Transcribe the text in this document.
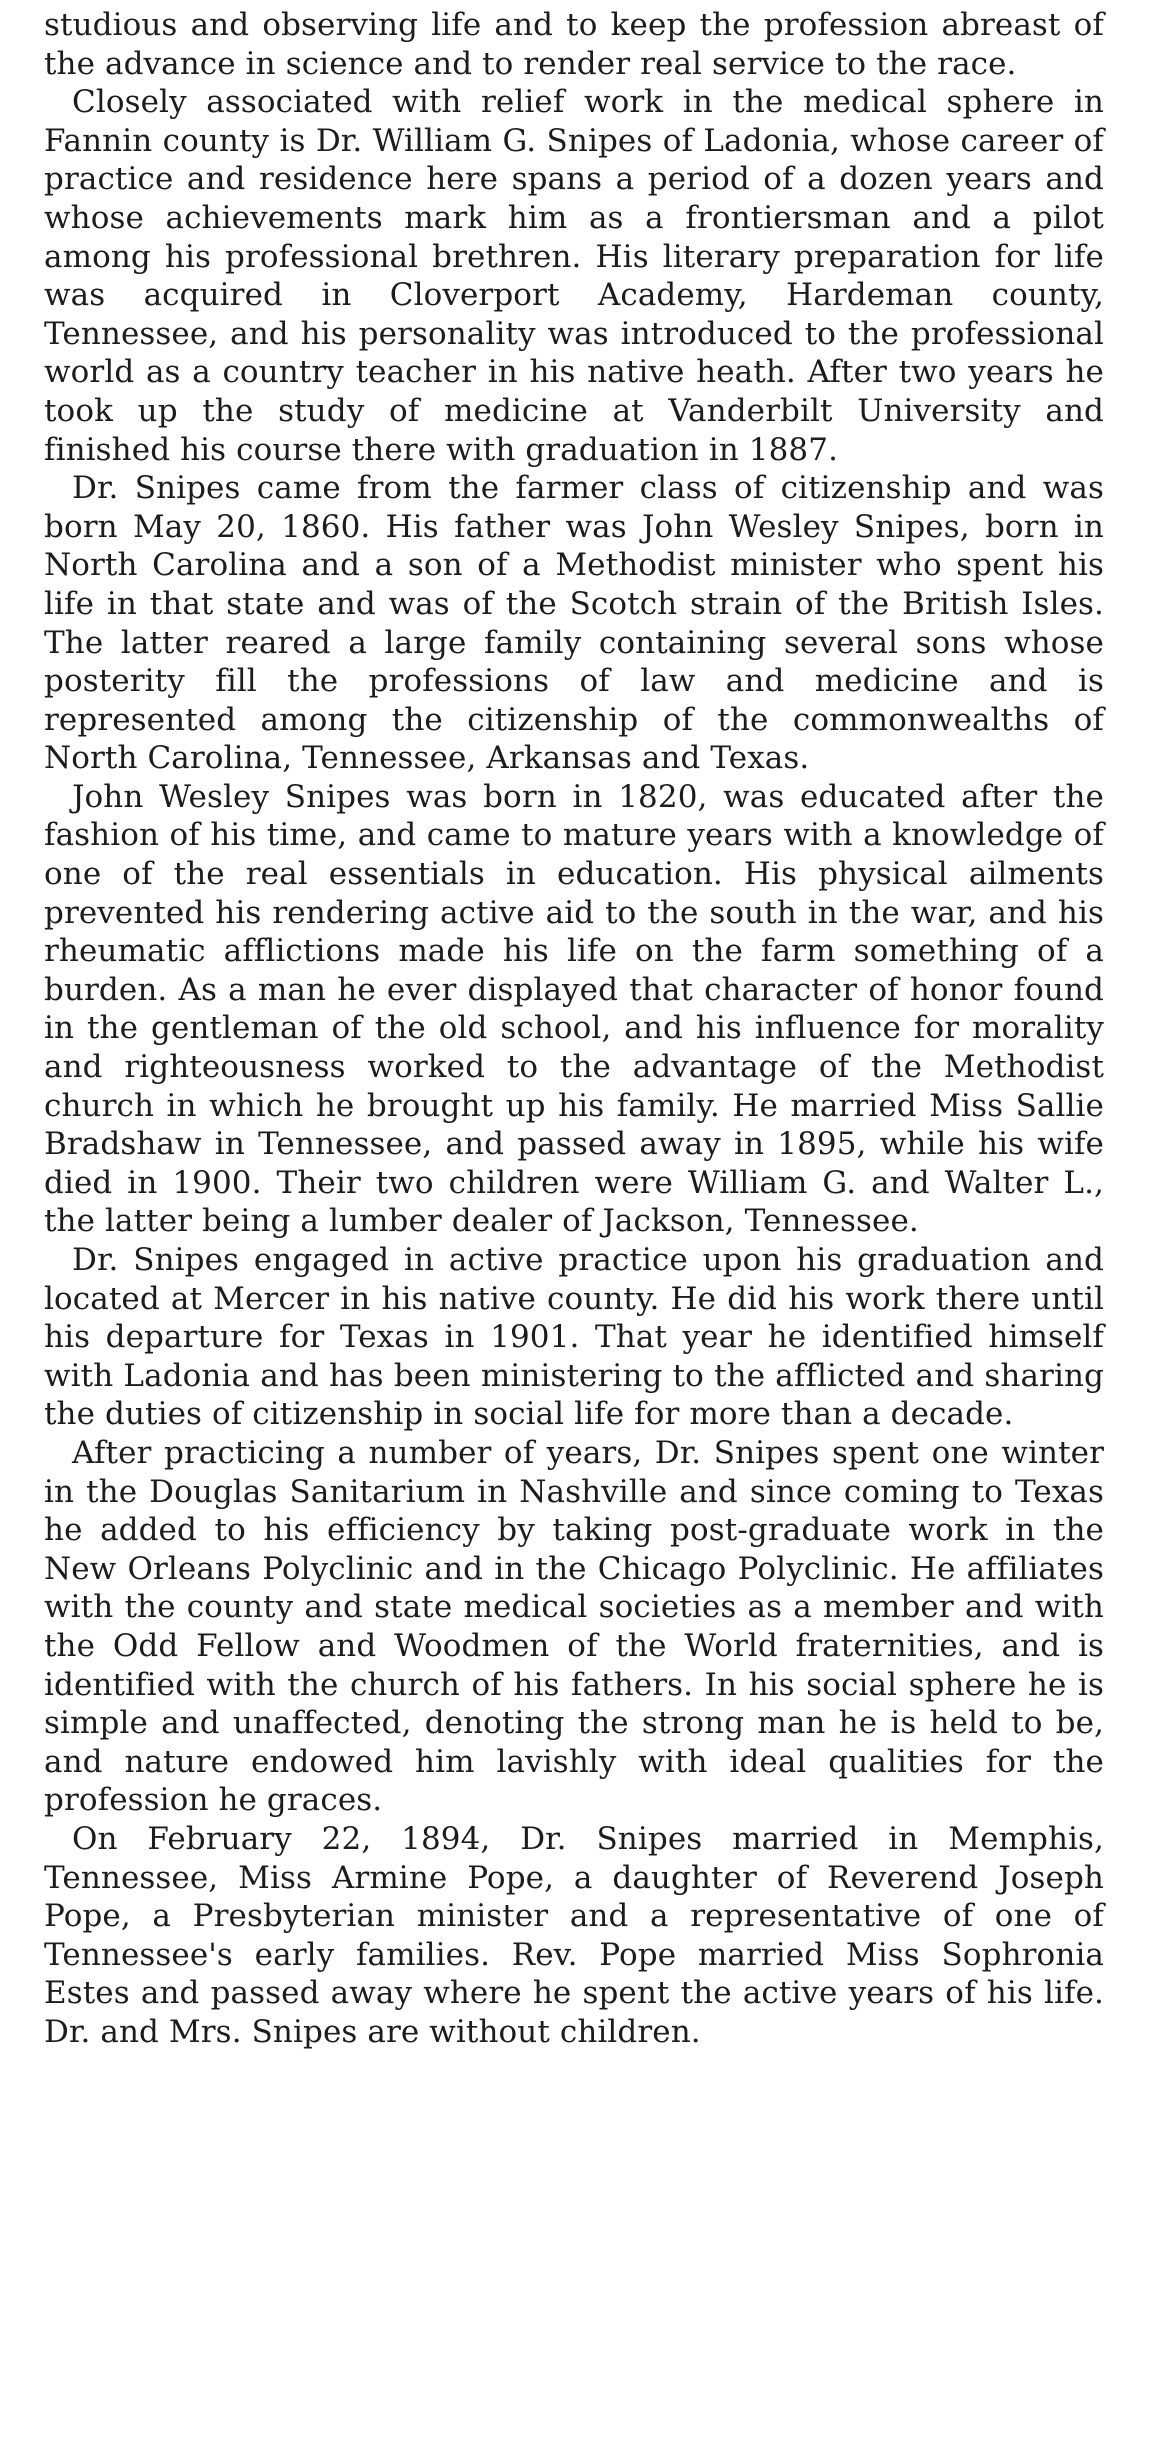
studious and observing life and to keep the profession abreast of the advance in science and to render real service to the race.

Closely associated with relief work in the medical sphere in Fannin county is Dr. William G. Snipes of Ladonia, whose career of practice and residence here spans a period of a dozen years and whose achievements mark him as a frontiersman and a pilot among his professional brethren. His literary preparation for life was acquired in Cloverport Academy, Hardeman county, Tennessee, and his personality was introduced to the professional world as a country teacher in his native heath. After two years he took up the study of medicine at Vanderbilt University and finished his course there with graduation in 1887.

Dr. Snipes came from the farmer class of citizenship and was born May 20, 1860. His father was John Wesley Snipes, born in North Carolina and a son of a Methodist minister who spent his life in that state and was of the Scotch strain of the British Isles. The latter reared a large family containing several sons whose posterity fill the professions of law and medicine and is represented among the citizenship of the commonwealths of North Carolina, Tennessee, Arkansas and Texas.

John Wesley Snipes was born in 1820, was educated after the fashion of his time, and came to mature years with a knowledge of one of the real essentials in education. His physical ailments prevented his rendering active aid to the south in the war, and his rheumatic afflictions made his life on the farm something of a burden. As a man he ever displayed that character of honor found in the gentleman of the old school, and his influence for morality and righteousness worked to the advantage of the Methodist church in which he brought up his family. He married Miss Sallie Bradshaw in Tennessee, and passed away in 1895, while his wife died in 1900. Their two children were William G. and Walter L., the latter being a lumber dealer of Jackson, Tennessee.

Dr. Snipes engaged in active practice upon his graduation and located at Mercer in his native county. He did his work there until his departure for Texas in 1901. That year he identified himself with Ladonia and has been ministering to the afflicted and sharing the duties of citizenship in social life for more than a decade.

After practicing a number of years, Dr. Snipes spent one winter in the Douglas Sanitarium in Nashville and since coming to Texas he added to his efficiency by taking post-graduate work in the New Orleans Polyclinic and in the Chicago Polyclinic. He affiliates with the county and state medical societies as a member and with the Odd Fellow and Woodmen of the World fraternities, and is identified with the church of his fathers. In his social sphere he is simple and unaffected, denoting the strong man he is held to be, and nature endowed him lavishly with ideal qualities for the profession he graces.

On February 22, 1894, Dr. Snipes married in Memphis, Tennessee, Miss Armine Pope, a daughter of Reverend Joseph Pope, a Presbyterian minister and a representative of one of Tennessee's early families. Rev. Pope married Miss Sophronia Estes and passed away where he spent the active years of his life. Dr. and Mrs. Snipes are without children.
